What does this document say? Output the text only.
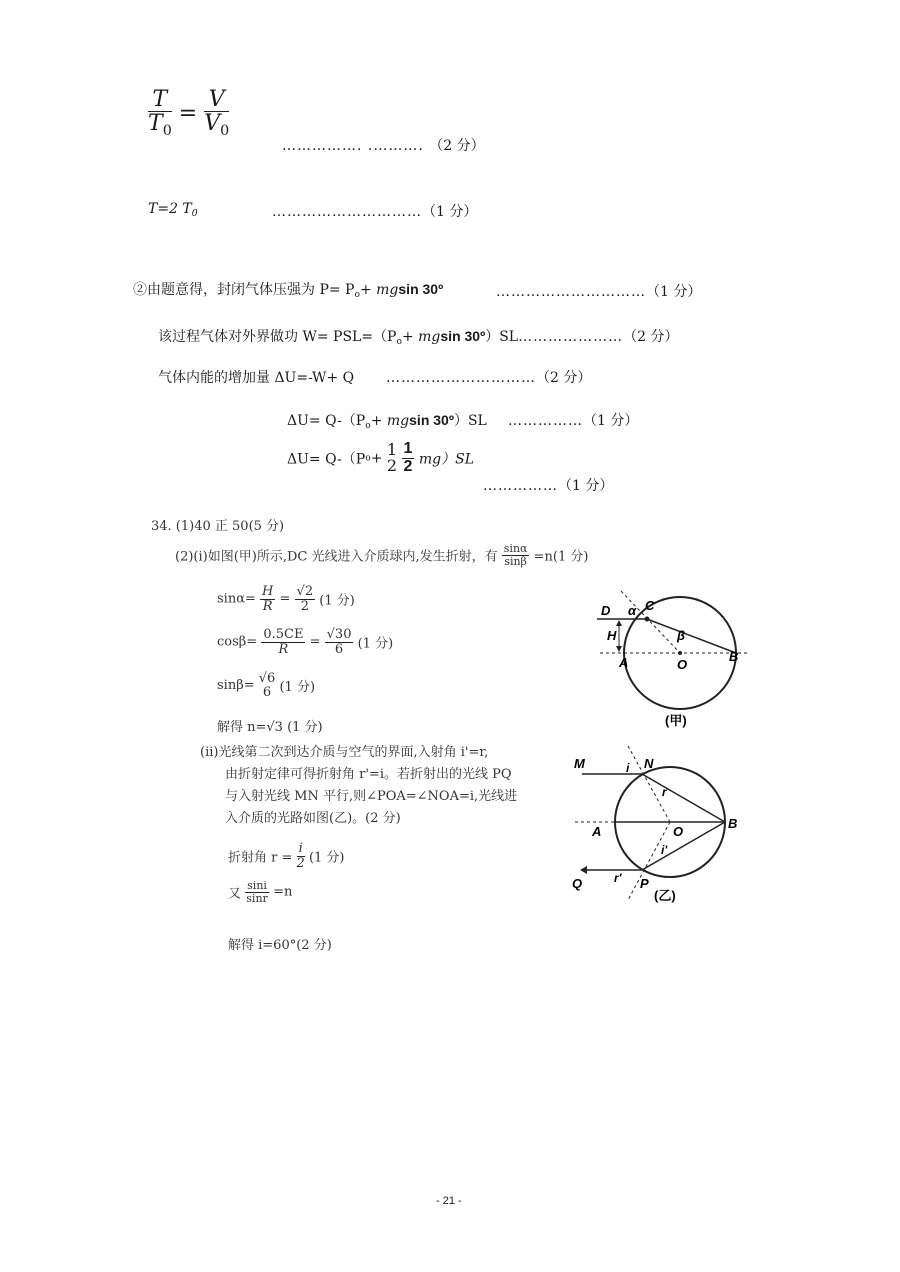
$\frac{T}{T_0} = \frac{V}{V_0}$
……………. .………. （2 分）
T=2 $T_0$	…………………………（1 分）
②由题意得，封闭气体压强为 $P= P_o+ mgsin$ 30º	…………………………（1 分）
该过程气体对外界做功 $W= PSL=(P_o+ mgsin$ 30º）SL…………………（2 分）
气体内能的增加量 ΔU=-W+ Q …………………………（2 分）
$\Delta U= Q-(P_o+ mgsin$ 30º）SL ……………（1 分）
ΔU= Q-（Po+ 1
2
$\frac{1}{2} mg)SL$
……………（1 分）
34. (1)40 正 50(5 分)
(2)(i)如图(甲)所示,DC 光线进入介质球内,发生折射，有 $\frac{\sin\alpha}{\sin\beta} =n(1$ 分)
$\sin\alpha= \frac{H}{R} = \frac{√2}{2} (1$ 分)
$\cos\beta= \frac{0.5CE}{R} = \frac{√30}{6} (1$ 分)
sinβ= √6
6 (1 分)
解得 n=√3 (1 分)
(ii)光线第二次到达介质与空气的界面,入射角 i'=r,
由折射定律可得折射角 r'=i。若折射出的光线 PQ
与入射光线 MN 平行,则∠POA=∠NOA=i,光线进
入介质的光路如图(乙)。(2 分)
折射角 $r = \frac{i}{2} (1$ 分)
又 $\frac{\sin i}{\sin r} =n$
解得 i=60°(2 分)
D α C
H	β
A	O
B
(甲)
M	i N
r
A	O
B
i'
Q	r' P
(乙)
- 21 -
